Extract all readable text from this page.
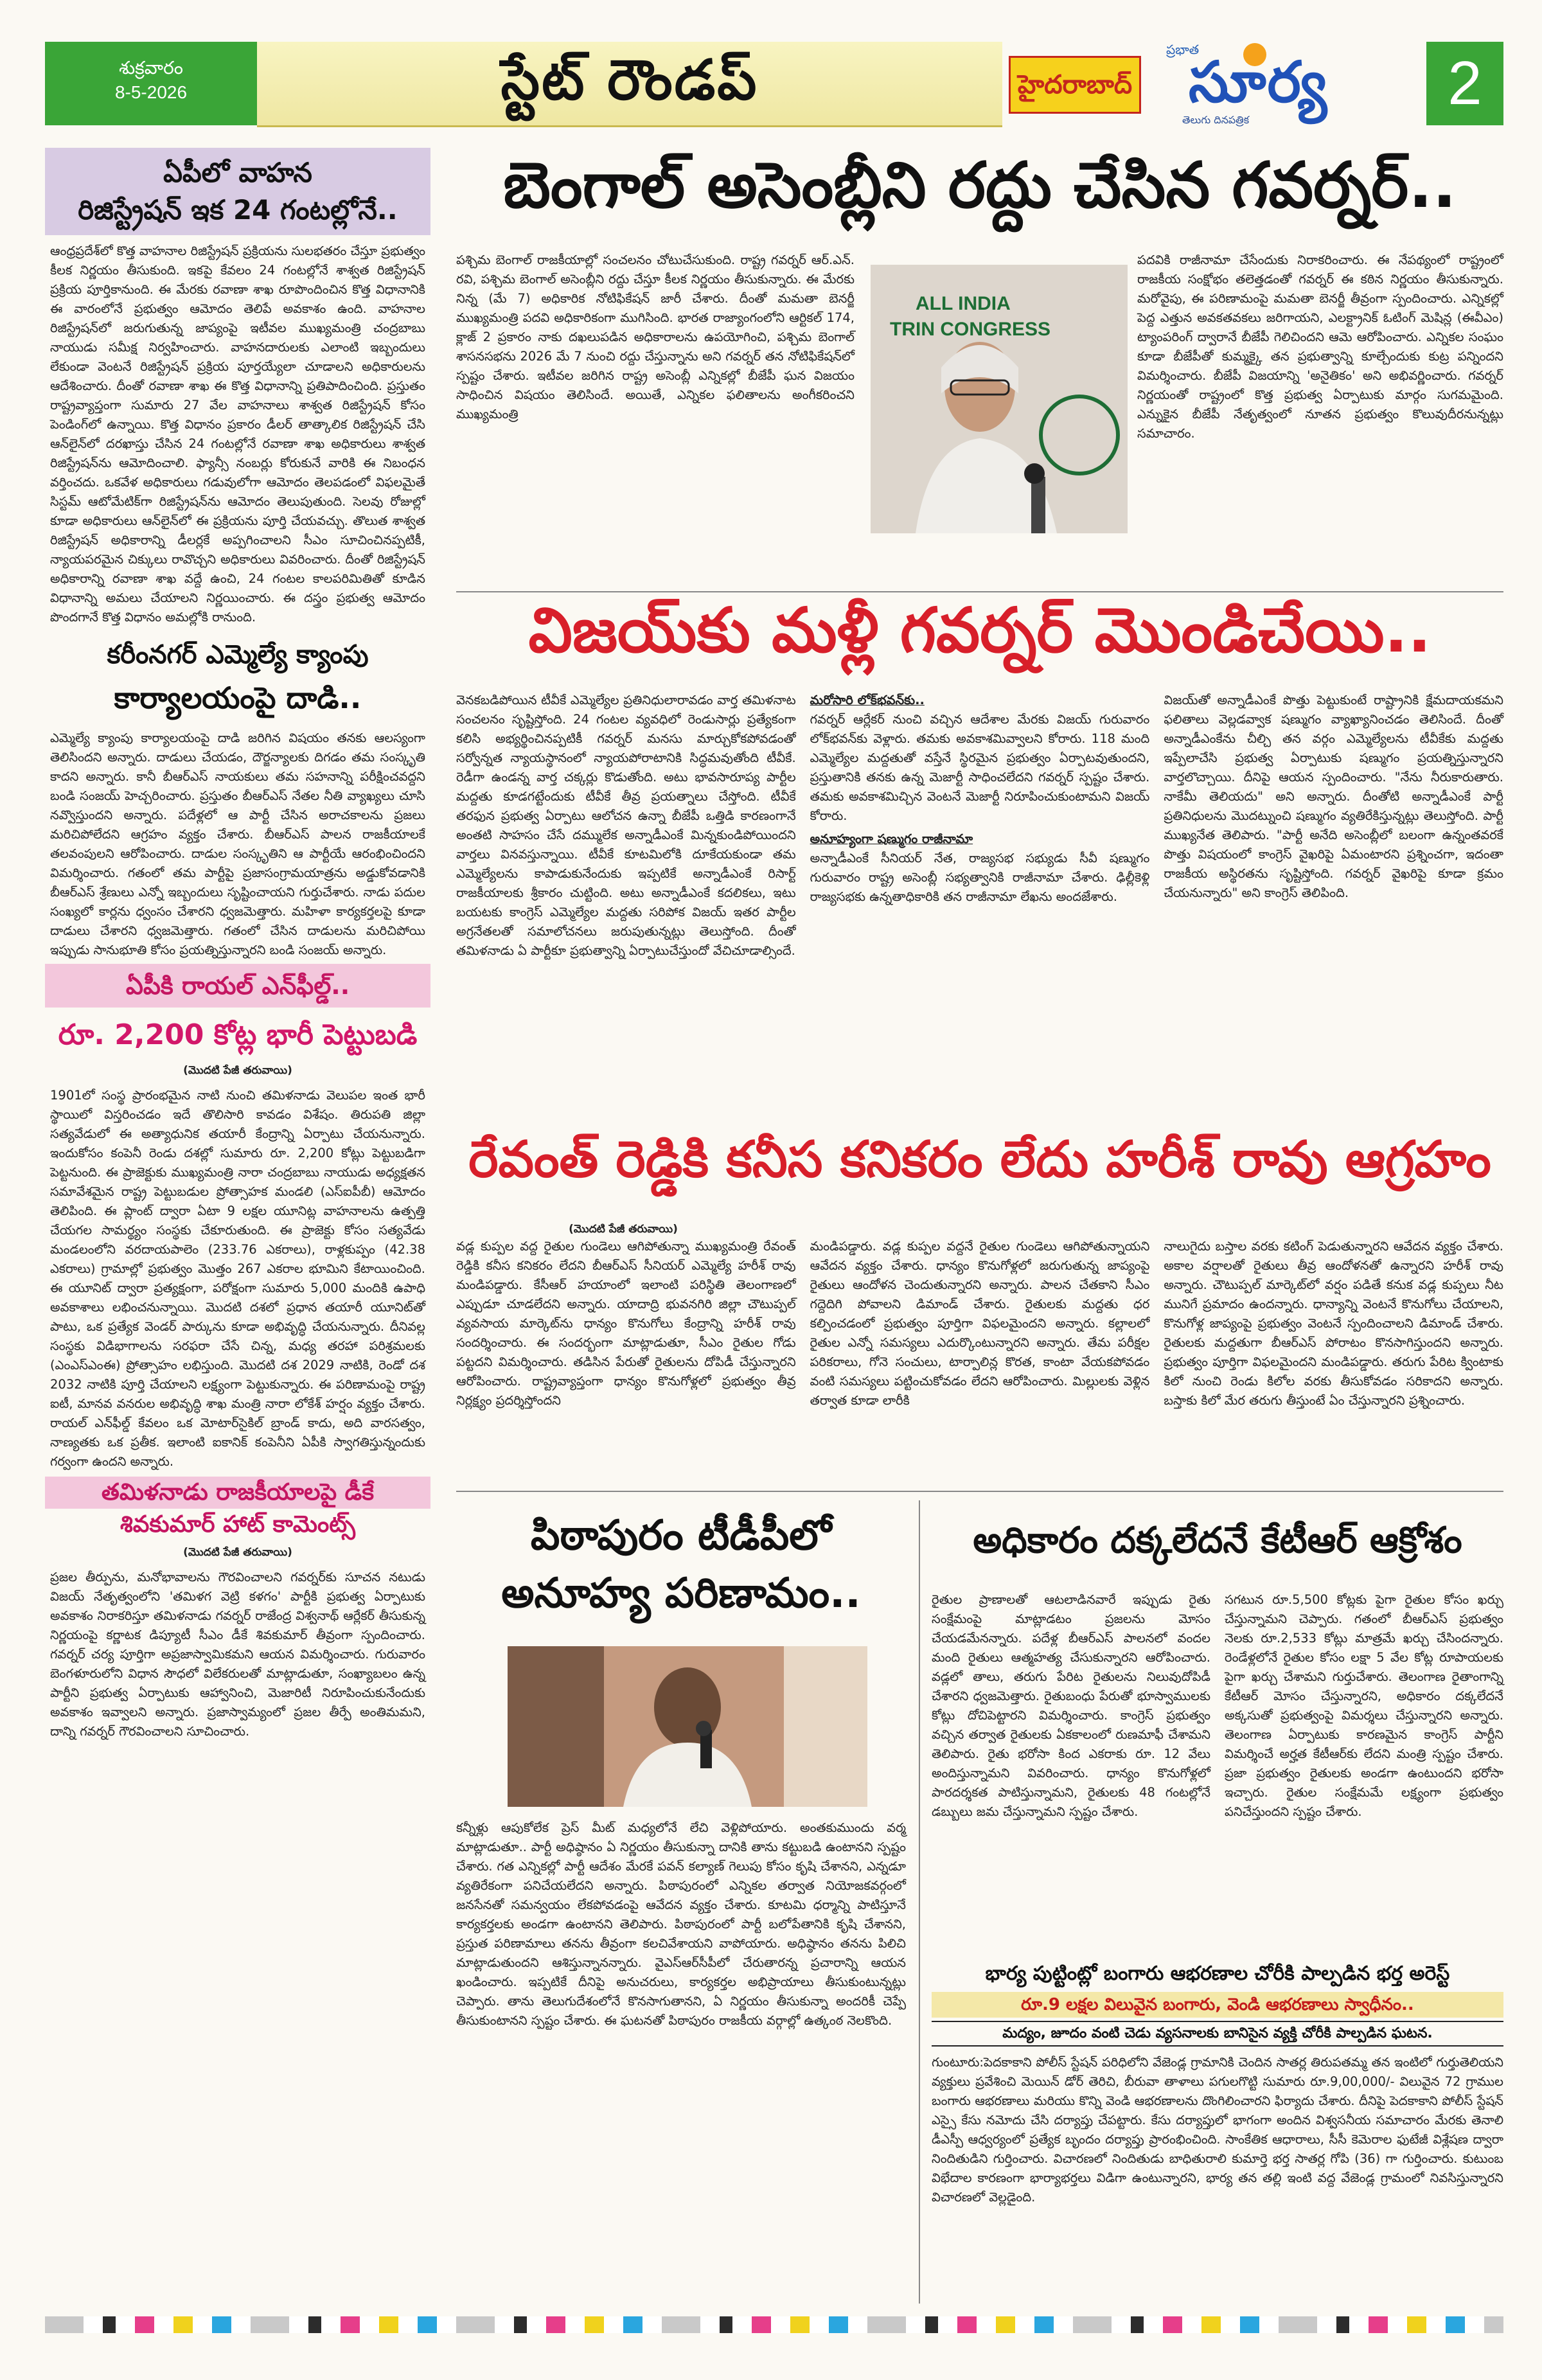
శుక్రవారం
8-5-2026	స్టేట్ రౌండప్	హైదరాబాద్
ప్రభాత
సూర్య
తెలుగు దినపత్రిక
2
ఏపీలో వాహన
రిజిస్ట్రేషన్ ఇక 24 గంటల్లోనే..

ఆంధ్రప్రదేశ్‌లో కొత్త వాహనాల రిజిస్ట్రేషన్ ప్రక్రియను సులభతరం చేస్తూ ప్రభుత్వం కీలక నిర్ణయం తీసుకుంది. ఇకపై కేవలం 24 గంటల్లోనే శాశ్వత రిజిస్ట్రేషన్ ప్రక్రియ పూర్తికానుంది. ఈ మేరకు రవాణా శాఖ రూపొందించిన కొత్త విధానానికి ఈ వారంలోనే ప్రభుత్వం ఆమోదం తెలిపే అవకాశం ఉంది. వాహనాల రిజిస్ట్రేషన్‌లో జరుగుతున్న జాప్యంపై ఇటీవల ముఖ్యమంత్రి చంద్రబాబు నాయుడు సమీక్ష నిర్వహించారు. వాహనదారులకు ఎలాంటి ఇబ్బందులు లేకుండా వెంటనే రిజిస్ట్రేషన్ ప్రక్రియ పూర్తయ్యేలా చూడాలని అధికారులను ఆదేశించారు. దీంతో రవాణా శాఖ ఈ కొత్త విధానాన్ని ప్రతిపాదించింది. ప్రస్తుతం రాష్ట్రవ్యాప్తంగా సుమారు 27 వేల వాహనాలు శాశ్వత రిజిస్ట్రేషన్ కోసం పెండింగ్‌లో ఉన్నాయి. కొత్త విధానం ప్రకారం డీలర్ తాత్కాలిక రిజిస్ట్రేషన్ చేసి ఆన్‌లైన్‌లో దరఖాస్తు చేసిన 24 గంటల్లోనే రవాణా శాఖ అధికారులు శాశ్వత రిజిస్ట్రేషన్‌ను ఆమోదించాలి. ఫ్యాన్సీ నంబర్లు కోరుకునే వారికి ఈ నిబంధన వర్తించదు. ఒకవేళ అధికారులు గడువులోగా ఆమోదం తెలపడంలో విఫలమైతే సిస్టమ్ ఆటోమేటిక్‌గా రిజిస్ట్రేషన్‌ను ఆమోదం తెలుపుతుంది. సెలవు రోజుల్లో కూడా అధికారులు ఆన్‌లైన్‌లో ఈ ప్రక్రియను పూర్తి చేయవచ్చు. తొలుత శాశ్వత రిజిస్ట్రేషన్ అధికారాన్ని డీలర్లకే అప్పగించాలని సీఎం సూచించినప్పటికీ, న్యాయపరమైన చిక్కులు రావొచ్చని అధికారులు వివరించారు. దీంతో రిజిస్ట్రేషన్ అధికారాన్ని రవాణా శాఖ వద్దే ఉంచి, 24 గంటల కాలపరిమితితో కూడిన విధానాన్ని అమలు చేయాలని నిర్ణయించారు. ఈ దస్త్రం ప్రభుత్వ ఆమోదం పొందగానే కొత్త విధానం అమల్లోకి రానుంది.

కరీంనగర్ ఎమ్మెల్యే క్యాంపు
కార్యాలయంపై దాడి..

ఎమ్మెల్యే క్యాంపు కార్యాలయంపై దాడి జరిగిన విషయం తనకు ఆలస్యంగా తెలిసిందని అన్నారు. దాడులు చేయడం, దౌర్జన్యాలకు దిగడం తమ సంస్కృతి కాదని అన్నారు. కానీ బీఆర్ఎస్ నాయకులు తమ సహనాన్ని పరీక్షించవద్దని బండి సంజయ్ హెచ్చరించారు. ప్రస్తుతం బీఆర్ఎస్ నేతల నీతి వ్యాఖ్యలు చూసి నవ్వొస్తుందని అన్నారు. పదేళ్లలో ఆ పార్టీ చేసిన అరాచకాలను ప్రజలు మరిచిపోలేదని ఆగ్రహం వ్యక్తం చేశారు. బీఆర్ఎస్ పాలన రాజకీయాలకే తలవంపులని ఆరోపించారు. దాడుల సంస్కృతిని ఆ పార్టీయే ఆరంభించిందని విమర్శించారు. గతంలో తమ పార్టీపై ప్రజాసంగ్రామయాత్రను అడ్డుకోవడానికి బీఆర్ఎస్ శ్రేణులు ఎన్నో ఇబ్బందులు సృష్టించాయని గుర్తుచేశారు. నాడు పదుల సంఖ్యలో కార్లను ధ్వంసం చేశారని ధ్వజమెత్తారు. మహిళా కార్యకర్తలపై కూడా దాడులు చేశారని ధ్వజమెత్తారు. గతంలో చేసిన దాడులను మరిచిపోయి ఇప్పుడు సానుభూతి కోసం ప్రయత్నిస్తున్నారని బండి సంజయ్ అన్నారు.

ఏపీకి రాయల్ ఎన్‌ఫీల్డ్..
రూ. 2,200 కోట్ల భారీ పెట్టుబడి
(మొదటి పేజీ తరువాయి)

1901లో సంస్థ ప్రారంభమైన నాటి నుంచి తమిళనాడు వెలుపల ఇంత భారీ స్థాయిలో విస్తరించడం ఇదే తొలిసారి కావడం విశేషం. తిరుపతి జిల్లా సత్యవేడులో ఈ అత్యాధునిక తయారీ కేంద్రాన్ని ఏర్పాటు చేయనున్నారు. ఇందుకోసం కంపెనీ రెండు దశల్లో సుమారు రూ. 2,200 కోట్లు పెట్టుబడిగా పెట్టనుంది. ఈ ప్రాజెక్టుకు ముఖ్యమంత్రి నారా చంద్రబాబు నాయుడు అధ్యక్షతన సమావేశమైన రాష్ట్ర పెట్టుబడుల ప్రోత్సాహక మండలి (ఎస్ఐపీబీ) ఆమోదం తెలిపింది. ఈ ప్లాంట్ ద్వారా ఏటా 9 లక్షల యూనిట్ల వాహనాలను ఉత్పత్తి చేయగల సామర్థ్యం సంస్థకు చేకూరుతుంది. ఈ ప్రాజెక్టు కోసం సత్యవేడు మండలంలోని వరదాయపాలెం (233.76 ఎకరాలు), రాళ్లకుప్పం (42.38 ఎకరాలు) గ్రామాల్లో ప్రభుత్వం మొత్తం 267 ఎకరాల భూమిని కేటాయించింది. ఈ యూనిట్ ద్వారా ప్రత్యక్షంగా, పరోక్షంగా సుమారు 5,000 మందికి ఉపాధి అవకాశాలు లభించనున్నాయి. మొదటి దశలో ప్రధాన తయారీ యూనిట్‌తో పాటు, ఒక ప్రత్యేక వెండర్ పార్కును కూడా అభివృద్ధి చేయనున్నారు. దీనివల్ల సంస్థకు విడిభాగాలను సరఫరా చేసే చిన్న, మధ్య తరహా పరిశ్రమలకు (ఎంఎస్‌ఎంఈ) ప్రోత్సాహం లభిస్తుంది. మొదటి దశ 2029 నాటికి, రెండో దశ 2032 నాటికి పూర్తి చేయాలని లక్ష్యంగా పెట్టుకున్నారు. ఈ పరిణామంపై రాష్ట్ర ఐటీ, మానవ వనరుల అభివృద్ధి శాఖ మంత్రి నారా లోకేశ్ హర్షం వ్యక్తం చేశారు. రాయల్ ఎన్‌ఫీల్డ్ కేవలం ఒక మోటార్‌సైకిల్ బ్రాండ్ కాదు, అది వారసత్వం, నాణ్యతకు ఒక ప్రతీక. ఇలాంటి ఐకానిక్ కంపెనీని ఏపీకి స్వాగతిస్తున్నందుకు గర్వంగా ఉందని అన్నారు.

తమిళనాడు రాజకీయాలపై డీకే
శివకుమార్ హాట్ కామెంట్స్
(మొదటి పేజీ తరువాయి)

ప్రజల తీర్పును, మనోభావాలను గౌరవించాలని గవర్నర్‌కు సూచన నటుడు విజయ్ నేతృత్వంలోని 'తమిళగ వెట్రి కళగం' పార్టీకి ప్రభుత్వ ఏర్పాటుకు అవకాశం నిరాకరిస్తూ తమిళనాడు గవర్నర్ రాజేంద్ర విశ్వనాథ్ ఆర్లేకర్ తీసుకున్న నిర్ణయంపై కర్ణాటక డిప్యూటీ సీఎం డీకే శివకుమార్ తీవ్రంగా స్పందించారు. గవర్నర్ చర్య పూర్తిగా అప్రజాస్వామికమని ఆయన విమర్శించారు. గురువారం బెంగళూరులోని విధాన సౌధలో విలేకరులతో మాట్లాడుతూ, సంఖ్యాబలం ఉన్న పార్టీని ప్రభుత్వ ఏర్పాటుకు ఆహ్వానించి, మెజారిటీ నిరూపించుకునేందుకు అవకాశం ఇవ్వాలని అన్నారు. ప్రజాస్వామ్యంలో ప్రజల తీర్పే అంతిమమని, దాన్ని గవర్నర్ గౌరవించాలని సూచించారు.

బెంగాల్ అసెంబ్లీని రద్దు చేసిన గవర్నర్..

పశ్చిమ బెంగాల్ రాజకీయాల్లో సంచలనం చోటుచేసుకుంది. రాష్ట్ర గవర్నర్ ఆర్.ఎన్. రవి, పశ్చిమ బెంగాల్ అసెంబ్లీని రద్దు చేస్తూ కీలక నిర్ణయం తీసుకున్నారు. ఈ మేరకు నిన్న (మే 7) అధికారిక నోటిఫికేషన్ జారీ చేశారు. దీంతో మమతా బెనర్జీ ముఖ్యమంత్రి పదవి అధికారికంగా ముగిసింది. భారత రాజ్యాంగంలోని ఆర్టికల్ 174, క్లాజ్ 2 ప్రకారం నాకు దఖలుపడిన అధికారాలను ఉపయోగించి, పశ్చిమ బెంగాల్ శాసనసభను 2026 మే 7 నుంచి రద్దు చేస్తున్నాను అని గవర్నర్ తన నోటిఫికేషన్‌లో స్పష్టం చేశారు. ఇటీవల జరిగిన రాష్ట్ర అసెంబ్లీ ఎన్నికల్లో బీజేపీ ఘన విజయం సాధించిన విషయం తెలిసిందే. అయితే, ఎన్నికల ఫలితాలను అంగీకరించని ముఖ్యమంత్రి

ALL INDIA
TRIN CONGRESS

పదవికి రాజీనామా చేసేందుకు నిరాకరించారు. ఈ నేపథ్యంలో రాష్ట్రంలో రాజకీయ సంక్షోభం తలెత్తడంతో గవర్నర్ ఈ కఠిన నిర్ణయం తీసుకున్నారు. మరోవైపు, ఈ పరిణామంపై మమతా బెనర్జీ తీవ్రంగా స్పందించారు. ఎన్నికల్లో పెద్ద ఎత్తున అవకతవకలు జరిగాయని, ఎలక్ట్రానిక్ ఓటింగ్ మెషిన్ల (ఈవీఎం) ట్యాంపరింగ్ ద్వారానే బీజేపీ గెలిచిందని ఆమె ఆరోపించారు. ఎన్నికల సంఘం కూడా బీజేపీతో కుమ్మక్కై తన ప్రభుత్వాన్ని కూల్చేందుకు కుట్ర పన్నిందని విమర్శించారు. బీజేపీ విజయాన్ని 'అనైతికం' అని అభివర్ణించారు. గవర్నర్ నిర్ణయంతో రాష్ట్రంలో కొత్త ప్రభుత్వ ఏర్పాటుకు మార్గం సుగమమైంది. ఎన్నుకైన బీజేపీ నేతృత్వంలో నూతన ప్రభుత్వం కొలువుదీరనున్నట్లు సమాచారం.

విజయ్‌కు మళ్లీ గవర్నర్ మొండిచేయి..

వెనకబడిపోయిన టీవీకే ఎమ్మెల్యేల ప్రతినిధులారావడం వార్త తమిళనాట సంచలనం సృష్టిస్తోంది. 24 గంటల వ్యవధిలో రెండుసార్లు ప్రత్యేకంగా కలిసి అభ్యర్థించినప్పటికీ గవర్నర్ మనసు మార్చుకోకపోవడంతో సర్వోన్నత న్యాయస్థానంలో న్యాయపోరాటానికి సిద్ధమవుతోంది టీవీకే. రెడీగా ఉండన్న వార్త చక్కర్లు కొడుతోంది. అటు భావసారూప్య పార్టీల మద్దతు కూడగట్టేందుకు టీవీకే తీవ్ర ప్రయత్నాలు చేస్తోంది. టీవీకే తరఫున ప్రభుత్వ ఏర్పాటు ఆలోచన ఉన్నా బీజేపీ ఒత్తిడి కారణంగానే అంతటి సాహసం చేసే దమ్ములేక అన్నాడీఎంకే మిన్నకుండిపోయిందని వార్తలు వినవస్తున్నాయి. టీవీకే కూటమిలోకి దూకేయకుండా తమ ఎమ్మెల్యేలను కాపాడుకునేందుకు ఇప్పటికే అన్నాడీఎంకే రిసార్ట్ రాజకీయాలకు శ్రీకారం చుట్టింది. అటు అన్నాడీఎంకే కదలికలు, ఇటు బయటకు కాంగ్రెస్ ఎమ్మెల్యేల మద్దతు సరిపోక విజయ్ ఇతర పార్టీల అగ్రనేతలతో సమాలోచనలు జరుపుతున్నట్లు తెలుస్తోంది. దీంతో తమిళనాడు ఏ పార్టీకూ ప్రభుత్వాన్ని ఏర్పాటుచేస్తుందో వేచిచూడాల్సిందే.

మరోసారి లోక్‌భవన్‌కు..

గవర్నర్ ఆర్లేకర్ నుంచి వచ్చిన ఆదేశాల మేరకు విజయ్ గురువారం లోక్‌భవన్‌కు వెళ్లారు. తమకు అవకాశమివ్వాలని కోరారు. 118 మంది ఎమ్మెల్యేల మద్దతుతో వస్తేనే స్థిరమైన ప్రభుత్వం ఏర్పాటవుతుందని, ప్రస్తుతానికి తనకు ఉన్న మెజార్టీ సాధించలేదని గవర్నర్ స్పష్టం చేశారు. తమకు అవకాశమిచ్చిన వెంటనే మెజార్టీ నిరూపించుకుంటామని విజయ్ కోరారు.

అనూహ్యంగా షణ్ముగం రాజీనామా

అన్నాడీఎంకే సీనియర్ నేత, రాజ్యసభ సభ్యుడు సీవీ షణ్ముగం గురువారం రాష్ట్ర అసెంబ్లీ సభ్యత్వానికి రాజీనామా చేశారు. ఢిల్లీకెళ్లి రాజ్యసభకు ఉన్నతాధికారికి తన రాజీనామా లేఖను అందజేశారు.

విజయ్‌తో అన్నాడీఎంకే పొత్తు పెట్టుకుంటే రాష్ట్రానికి క్షేమదాయకమని ఫలితాలు వెల్లడవ్వాక షణ్ముగం వ్యాఖ్యానించడం తెలిసిందే. దీంతో అన్నాడీఎంకేను చీల్చి తన వర్గం ఎమ్మెల్యేలను టీవీకేకు మద్దతు ఇప్పేలాచేసి ప్రభుత్వ ఏర్పాటుకు షణ్ముగం ప్రయత్నిస్తున్నారని వార్తలొచ్చాయి. దీనిపై ఆయన స్పందించారు. "నేను నీరుకారుతారు. నాకేమీ తెలియదు" అని అన్నారు. దీంతోటి అన్నాడీఎంకే పార్టీ ప్రతినిధులను మొదట్నుంచి షణ్ముగం వ్యతిరేకిస్తున్నట్లు తెలుస్తోంది. పార్టీ ముఖ్యనేత తెలిపారు. "పార్టీ అనేది అసెంబ్లీలో బలంగా ఉన్నంతవరకే పొత్తు విషయంలో కాంగ్రెస్ వైఖరిపై ఏమంటారని ప్రశ్నించగా, ఇదంతా రాజకీయ అస్థిరతను సృష్టిస్తోంది. గవర్నర్ వైఖరిపై కూడా క్రమం చేయనున్నారు" అని కాంగ్రెస్ తెలిపింది.

రేవంత్ రెడ్డికి కనీస కనికరం లేదు హరీశ్ రావు ఆగ్రహం
(మొదటి పేజీ తరువాయి)

వడ్ల కుప్పల వద్ద రైతుల గుండెలు ఆగిపోతున్నా ముఖ్యమంత్రి రేవంత్ రెడ్డికి కనీస కనికరం లేదని బీఆర్ఎస్ సీనియర్ ఎమ్మెల్యే హరీశ్ రావు మండిపడ్డారు. కేసీఆర్ హయాంలో ఇలాంటి పరిస్థితి తెలంగాణలో ఎప్పుడూ చూడలేదని అన్నారు. యాదాద్రి భువనగిరి జిల్లా చౌటుప్పల్ వ్యవసాయ మార్కెట్‌ను ధాన్యం కొనుగోలు కేంద్రాన్ని హరీశ్ రావు సందర్శించారు. ఈ సందర్భంగా మాట్లాడుతూ, సీఎం రైతుల గోడు పట్టదని విమర్శించారు. తడిసిన పేరుతో రైతులను దోపిడీ చేస్తున్నారని ఆరోపించారు. రాష్ట్రవ్యాప్తంగా ధాన్యం కొనుగోళ్లలో ప్రభుత్వం తీవ్ర నిర్లక్ష్యం ప్రదర్శిస్తోందని

మండిపడ్డారు. వడ్ల కుప్పల వద్దనే రైతుల గుండెలు ఆగిపోతున్నాయని ఆవేదన వ్యక్తం చేశారు. ధాన్యం కొనుగోళ్లలో జరుగుతున్న జాప్యంపై రైతులు ఆందోళన చెందుతున్నారని అన్నారు. పాలన చేతకాని సీఎం గద్దెదిగి పోవాలని డిమాండ్ చేశారు. రైతులకు మద్దతు ధర కల్పించడంలో ప్రభుత్వం పూర్తిగా విఫలమైందని అన్నారు. కల్లాలలో రైతుల ఎన్నో సమస్యలు ఎదుర్కొంటున్నారని అన్నారు. తేమ పరీక్షల పరికరాలు, గోనె సంచులు, టార్పాలిన్ల కొరత, కాంటా వేయకపోవడం వంటి సమస్యలు పట్టించుకోవడం లేదని ఆరోపించారు. మిల్లులకు వెళ్లిన తర్వాత కూడా లారీకి

నాలుగైదు బస్తాల వరకు కటింగ్ పెడుతున్నారని ఆవేదన వ్యక్తం చేశారు. అకాల వర్షాలతో రైతులు తీవ్ర ఆందోళనతో ఉన్నారని హరీశ్ రావు అన్నారు. చౌటుప్పల్ మార్కెట్‌లో వర్షం పడితే కనుక వడ్ల కుప్పలు నీట మునిగే ప్రమాదం ఉందన్నారు. ధాన్యాన్ని వెంటనే కొనుగోలు చేయాలని, కొనుగోళ్ల జాప్యంపై ప్రభుత్వం వెంటనే స్పందించాలని డిమాండ్ చేశారు. రైతులకు మద్దతుగా బీఆర్ఎస్ పోరాటం కొనసాగిస్తుందని అన్నారు. ప్రభుత్వం పూర్తిగా విఫలమైందని మండిపడ్డారు. తరుగు పేరిట క్వింటాకు కిలో నుంచి రెండు కిలోల వరకు తీసుకోవడం సరికాదని అన్నారు. బస్తాకు కిలో మేర తరుగు తీస్తుంటే ఏం చేస్తున్నారని ప్రశ్నించారు.

పిఠాపురం టీడీపీలో
అనూహ్య పరిణామం..

కన్నీళ్లు ఆపుకోలేక ప్రెస్ మీట్ మధ్యలోనే లేచి వెళ్లిపోయారు. అంతకుముందు వర్మ మాట్లాడుతూ.. పార్టీ అధిష్ఠానం ఏ నిర్ణయం తీసుకున్నా దానికి తాను కట్టుబడి ఉంటానని స్పష్టం చేశారు. గత ఎన్నికల్లో పార్టీ ఆదేశం మేరకే పవన్ కల్యాణ్ గెలుపు కోసం కృషి చేశానని, ఎన్నడూ వ్యతిరేకంగా పనిచేయలేదని అన్నారు. పిఠాపురంలో ఎన్నికల తర్వాత నియోజకవర్గంలో జనసేనతో సమన్వయం లేకపోవడంపై ఆవేదన వ్యక్తం చేశారు. కూటమి ధర్మాన్ని పాటిస్తూనే కార్యకర్తలకు అండగా ఉంటానని తెలిపారు. పిఠాపురంలో పార్టీ బలోపేతానికి కృషి చేశానని, ప్రస్తుత పరిణామాలు తనను తీవ్రంగా కలచివేశాయని వాపోయారు. అధిష్ఠానం తనను పిలిచి మాట్లాడుతుందని ఆశిస్తున్నానన్నారు. వైఎస్ఆర్‌సీపీలో చేరుతారన్న ప్రచారాన్ని ఆయన ఖండించారు. ఇప్పటికే దీనిపై అనుచరులు, కార్యకర్తల అభిప్రాయాలు తీసుకుంటున్నట్లు చెప్పారు. తాను తెలుగుదేశంలోనే కొనసాగుతానని, ఏ నిర్ణయం తీసుకున్నా అందరికీ చెప్పే తీసుకుంటానని స్పష్టం చేశారు. ఈ ఘటనతో పిఠాపురం రాజకీయ వర్గాల్లో ఉత్కంఠ నెలకొంది.

అధికారం దక్కలేదనే కేటీఆర్ ఆక్రోశం

రైతుల ప్రాణాలతో ఆటలాడినవారే ఇప్పుడు రైతు సంక్షేమంపై మాట్లాడటం ప్రజలను మోసం చేయడమేనన్నారు. పదేళ్ల బీఆర్ఎస్ పాలనలో వందల మంది రైతులు ఆత్మహత్య చేసుకున్నారని ఆరోపించారు. వడ్లలో తాలు, తరుగు పేరిట రైతులను నిలువుదోపిడీ చేశారని ధ్వజమెత్తారు. రైతుబంధు పేరుతో భూస్వాములకు కోట్లు దోచిపెట్టారని విమర్శించారు. కాంగ్రెస్ ప్రభుత్వం వచ్చిన తర్వాత రైతులకు ఏకకాలంలో రుణమాఫీ చేశామని తెలిపారు. రైతు భరోసా కింద ఎకరాకు రూ. 12 వేలు అందిస్తున్నామని వివరించారు. ధాన్యం కొనుగోళ్లలో పారదర్శకత పాటిస్తున్నామని, రైతులకు 48 గంటల్లోనే డబ్బులు జమ చేస్తున్నామని స్పష్టం చేశారు.

సగటున రూ.5,500 కోట్లకు పైగా రైతుల కోసం ఖర్చు చేస్తున్నామని చెప్పారు. గతంలో బీఆర్ఎస్ ప్రభుత్వం నెలకు రూ.2,533 కోట్లు మాత్రమే ఖర్చు చేసిందన్నారు. రెండేళ్లలోనే రైతుల కోసం లక్షా 5 వేల కోట్ల రూపాయలకు పైగా ఖర్చు చేశామని గుర్తుచేశారు. తెలంగాణ రైతాంగాన్ని కేటీఆర్ మోసం చేస్తున్నారని, అధికారం దక్కలేదనే అక్కసుతో ప్రభుత్వంపై విమర్శలు చేస్తున్నారని అన్నారు. తెలంగాణ ఏర్పాటుకు కారణమైన కాంగ్రెస్ పార్టీని విమర్శించే అర్హత కేటీఆర్‌కు లేదని మంత్రి స్పష్టం చేశారు. ప్రజా ప్రభుత్వం రైతులకు అండగా ఉంటుందని భరోసా ఇచ్చారు. రైతుల సంక్షేమమే లక్ష్యంగా ప్రభుత్వం పనిచేస్తుందని స్పష్టం చేశారు.

భార్య పుట్టింట్లో బంగారు ఆభరణాల చోరీకి పాల్పడిన భర్త అరెస్ట్
రూ.9 లక్షల విలువైన బంగారు, వెండి ఆభరణాలు స్వాధీనం..
మద్యం, జూదం వంటి చెడు వ్యసనాలకు బానిసైన వ్యక్తి చోరీకి పాల్పడిన ఘటన.

గుంటూరు:పెదకాకాని పోలీస్ స్టేషన్ పరిధిలోని వేజెండ్ల గ్రామానికి చెందిన సాతర్ల తిరుపతమ్మ తన ఇంటిలో గుర్తుతెలియని వ్యక్తులు ప్రవేశించి మెయిన్ డోర్ తెరిచి, బీరువా తాళాలు పగులగొట్టి సుమారు రూ.9,00,000/- విలువైన 72 గ్రాముల బంగారు ఆభరణాలు మరియు కొన్ని వెండి ఆభరణాలను దొంగిలించారని ఫిర్యాదు చేశారు. దీనిపై పెదకాకాని పోలీస్ స్టేషన్ ఎస్సై కేసు నమోదు చేసి దర్యాప్తు చేపట్టారు. కేసు దర్యాప్తులో భాగంగా అందిన విశ్వసనీయ సమాచారం మేరకు తెనాలి డీఎస్పీ ఆధ్వర్యంలో ప్రత్యేక బృందం దర్యాప్తు ప్రారంభించింది. సాంకేతిక ఆధారాలు, సీసీ కెమెరాల ఫుటేజీ విశ్లేషణ ద్వారా నిందితుడిని గుర్తించారు. విచారణలో నిందితుడు బాధితురాలి కుమార్తె భర్త సాతర్ల గోపి (36) గా గుర్తించారు. కుటుంబ విభేదాల కారణంగా భార్యాభర్తలు విడిగా ఉంటున్నారని, భార్య తన తల్లి ఇంటి వద్ద వేజెండ్ల గ్రామంలో నివసిస్తున్నారని విచారణలో వెల్లడైంది.
